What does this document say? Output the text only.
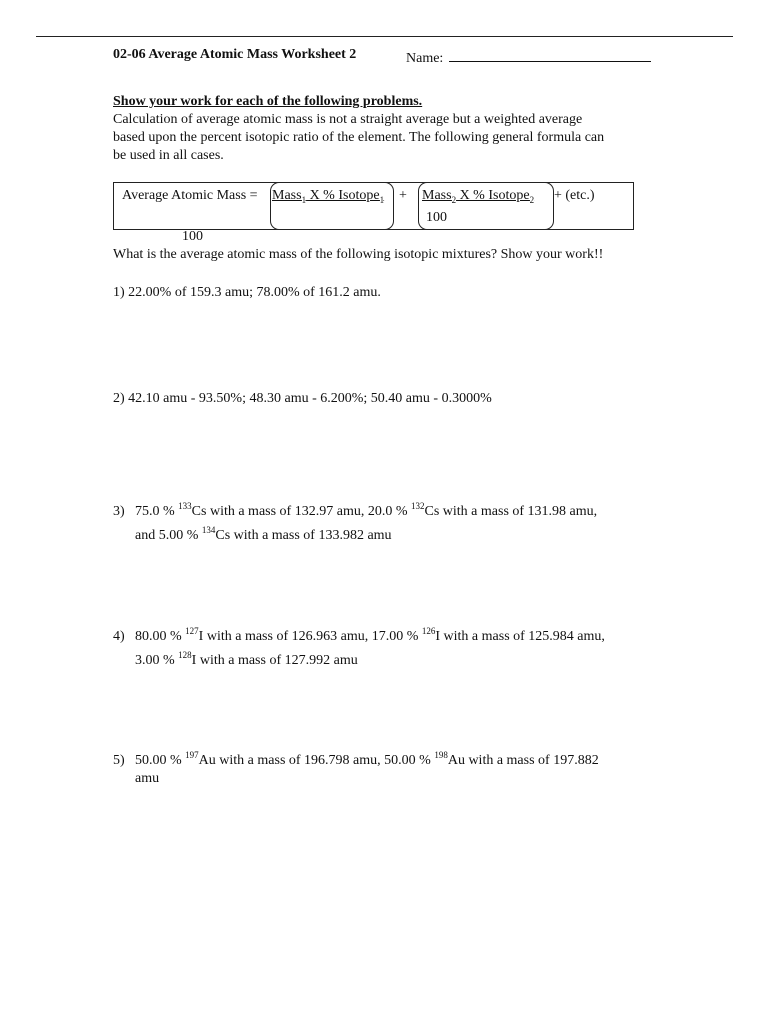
02-06 Average Atomic Mass Worksheet 2	Name:
Show your work for each of the following problems.
Calculation of average atomic mass is not a straight average but a weighted average
based upon the percent isotopic ratio of the element. The following general formula can
be used in all cases.
Average Atomic Mass = Mass$_1$ X % Isotope$_1$ + Mass$_2$ X % Isotope$_2$
100
+ (etc.)
100
What is the average atomic mass of the following isotopic mixtures? Show your work!!
1) 22.00% of 159.3 amu; 78.00% of 161.2 amu.
2) 42.10 amu - 93.50%; 48.30 amu - 6.200%; 50.40 amu - 0.3000%
3) 75.0 % $^{133}$Cs with a mass of 132.97 amu, 20.0 % $^{132}$Cs with a mass of 131.98 amu,
and 5.00 % $^{134}$Cs with a mass of 133.982 amu
4) 80.00 % $^{127}$I with a mass of 126.963 amu, 17.00 % $^{126}$I with a mass of 125.984 amu,
3.00 % $^{128}$I with a mass of 127.992 amu
5) 50.00 % $^{197}$Au with a mass of 196.798 amu, 50.00 % $^{198}$Au with a mass of 197.882
amu
